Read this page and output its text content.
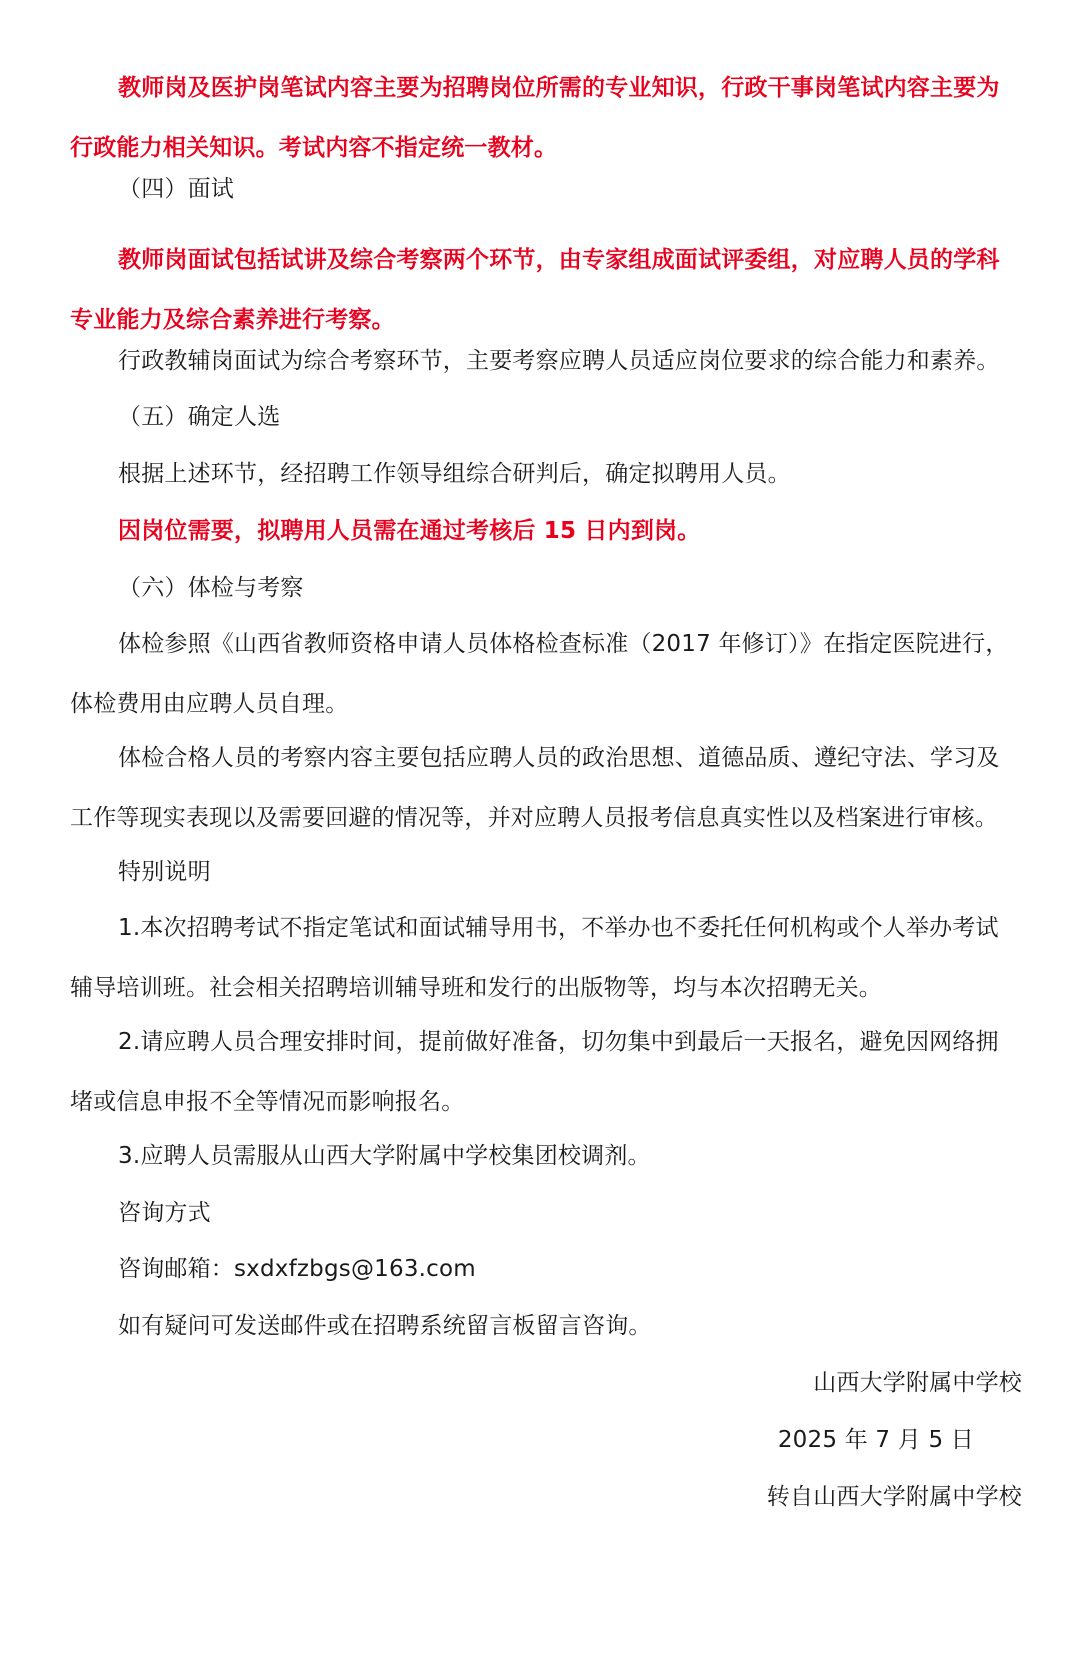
教师岗及医护岗笔试内容主要为招聘岗位所需的专业知识，行政干事岗笔试内容主要为
行政能力相关知识。考试内容不指定统一教材。
（四）面试
教师岗面试包括试讲及综合考察两个环节，由专家组成面试评委组，对应聘人员的学科
专业能力及综合素养进行考察。
行政教辅岗面试为综合考察环节，主要考察应聘人员适应岗位要求的综合能力和素养。
（五）确定人选
根据上述环节，经招聘工作领导组综合研判后，确定拟聘用人员。
因岗位需要，拟聘用人员需在通过考核后 15 日内到岗。
（六）体检与考察
体检参照《山西省教师资格申请人员体格检查标准（2017 年修订）》在指定医院进行，
体检费用由应聘人员自理。
体检合格人员的考察内容主要包括应聘人员的政治思想、道德品质、遵纪守法、学习及
工作等现实表现以及需要回避的情况等，并对应聘人员报考信息真实性以及档案进行审核。
特别说明
1.本次招聘考试不指定笔试和面试辅导用书，不举办也不委托任何机构或个人举办考试
辅导培训班。社会相关招聘培训辅导班和发行的出版物等，均与本次招聘无关。
2.请应聘人员合理安排时间，提前做好准备，切勿集中到最后一天报名，避免因网络拥
堵或信息申报不全等情况而影响报名。
3.应聘人员需服从山西大学附属中学校集团校调剂。
咨询方式
咨询邮箱：sxdxfzbgs@163.com
如有疑问可发送邮件或在招聘系统留言板留言咨询。
山西大学附属中学校
2025 年 7 月 5 日
转自山西大学附属中学校
